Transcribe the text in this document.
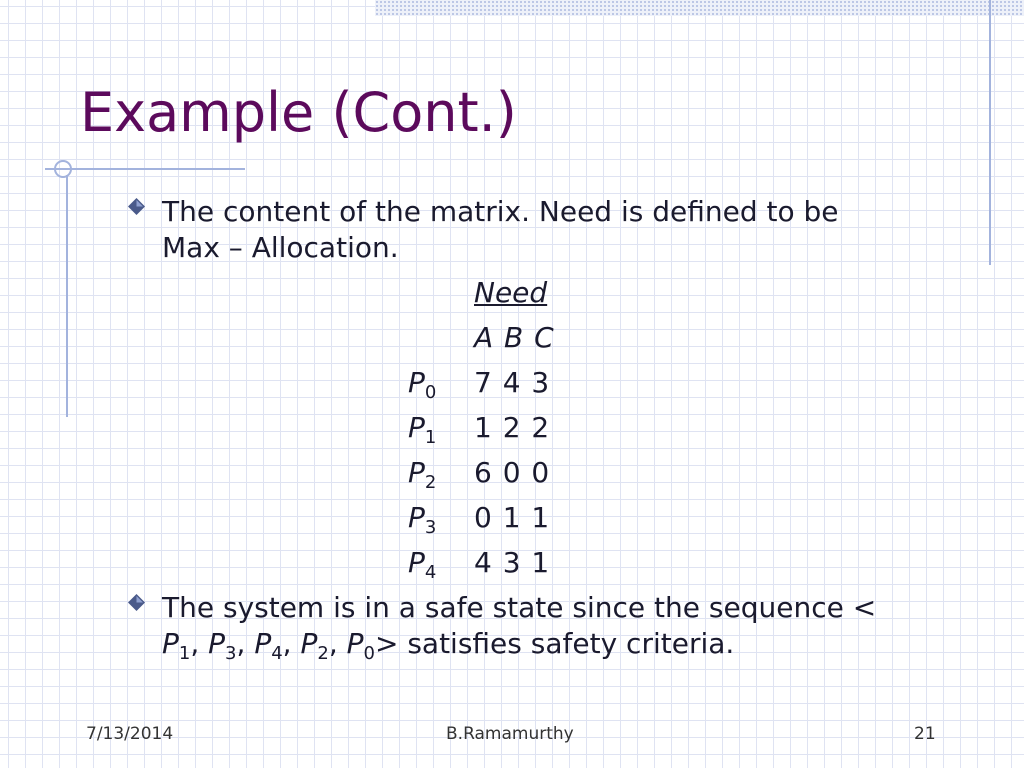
Example (Cont.)
The content of the matrix. Need is defined to be
Max – Allocation.
Need
A B C
$P_0$	7 4 3
$P_1$	1 2 2
$P_2$	6 0 0
$P_3$	0 1 1
$P_4$	4 3 1
The system is in a safe state since the sequence <
$P_1$, $P_3$, $P_4$, $P_2$, $P_0>$ satisfies safety criteria.
7/13/2014	B.Ramamurthy	21
